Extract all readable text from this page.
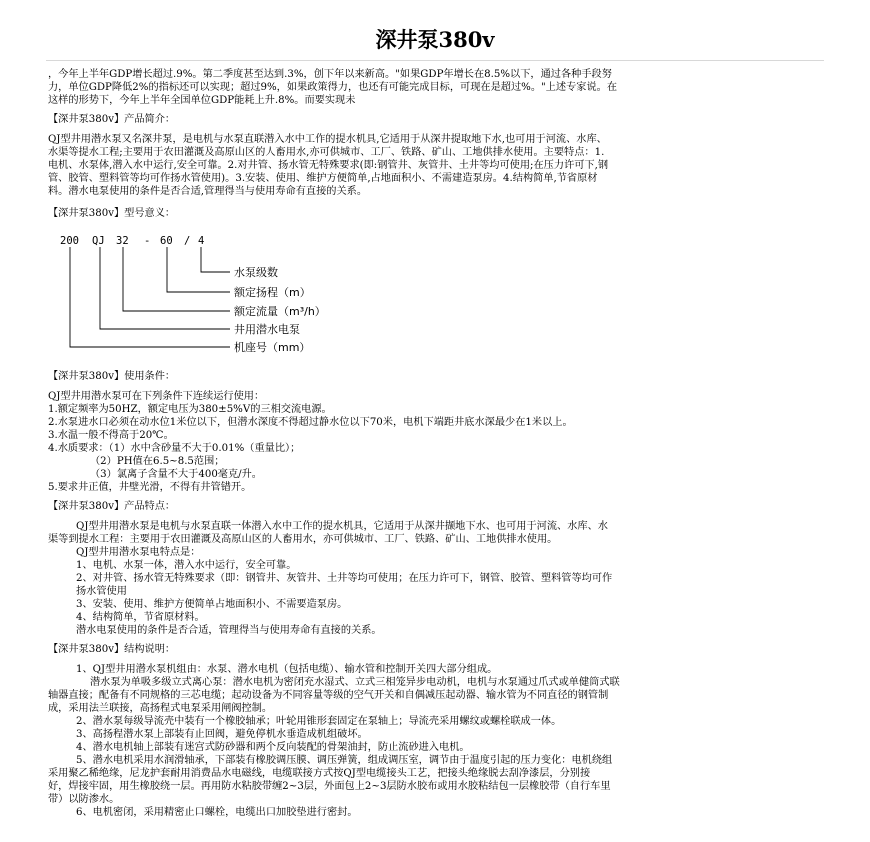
深井泵380v
，今年上半年GDP增长超过.9%。第二季度甚至达到.3%，创下年以来新高。"如果GDP年增长在8.5%以下，通过各种手段努
力，单位GDP降低2%的指标还可以实现；超过9%，如果政策得力，也还有可能完成目标，可现在是超过%。"上述专家说。在
这样的形势下，今年上半年全国单位GDP能耗上升.8%。而要实现未
【深井泵380v】产品简介：
QJ型井用潜水泵又名深井泵，是电机与水泵直联潜入水中工作的提水机具,它适用于从深井提取地下水,也可用于河流、水库、
水渠等提水工程;主要用于农田灌溉及高原山区的人畜用水,亦可供城市、工厂、铁路、矿山、工地供排水使用。主要特点：1.
电机、水泵体,潜入水中运行,安全可靠。2.对井管、扬水管无特殊要求(即:钢管井、灰管井、土井等均可使用;在压力许可下,钢
管、胶管、塑料管等均可作扬水管使用)。3.安装、使用、维护方便简单,占地面积小、不需建造泵房。4.结构简单,节省原材
料。潜水电泵使用的条件是否合适,管理得当与使用寿命有直接的关系。
【深井泵380v】型号意义：
200 QJ 32 - 60 / 4
水泵级数
额定扬程（m）
额定流量（m³/h）
井用潜水电泵
机座号（mm）
【深井泵380v】使用条件：
QJ型井用潜水泵可在下列条件下连续运行使用：
1.额定频率为50HZ，额定电压为380±5%V的三相交流电源。
2.水泵进水口必须在动水位1米位以下，但潜水深度不得超过静水位以下70米，电机下端距井底水深最少在1米以上。
3.水温一般不得高于20℃。
4.水质要求：（1）水中含砂量不大于0.01%（重量比）；
（2）PH值在6.5~8.5范围；
（3）氯离子含量不大于400毫克/升。
5.要求井正值，井壁光滑，不得有井管错开。
【深井泵380v】产品特点：
QJ型井用潜水泵是电机与水泵直联一体潜入水中工作的提水机具，它适用于从深井撷地下水、也可用于河流、水库、水
渠等到提水工程：主要用于农田灌溉及高原山区的人畜用水，亦可供城市、工厂、铁路、矿山、工地供排水使用。
QJ型井用潜水泵电特点是：
1、电机、水泵一体，潜入水中运行，安全可靠。
2、对井管、扬水管无特殊要求（即：钢管井、灰管井、土井等均可使用；在压力许可下，钢管、胶管、塑料管等均可作
扬水管使用
3、安装、使用、维护方便简单占地面积小、不需要造泵房。
4、结构简单，节省原材料。
潜水电泵使用的条件是否合适，管理得当与使用寿命有直接的关系。
【深井泵380v】结构说明：
1、QJ型井用潜水泵机组由：水泵、潜水电机（包括电缆）、输水管和控制开关四大部分组成。
潜水泵为单吸多级立式离心泵：潜水电机为密闭充水湿式、立式三相笼异步电动机，电机与水泵通过爪式或单健筒式联
轴器直接；配备有不同规格的三芯电缆；起动设备为不同容量等级的空气开关和自偶减压起动器、输水管为不同直径的钢管制
成，采用法兰联接，高扬程式电泵采用闸阀控制。
2、潜水泵每级导流壳中装有一个橡胶轴承；叶轮用锥形套固定在泵轴上；导流壳采用螺纹或螺栓联成一体。
3、高扬程潜水泵上部装有止回阀，避免停机水垂造成机组破坏。
4、潜水电机轴上部装有迷宫式防砂器和两个反向装配的骨架油封，防止流砂进入电机。
5、潜水电机采用水润滑轴承，下部装有橡胶调压膜、调压弹簧，组成调压室，调节由于温度引起的压力变化：电机绕组
采用聚乙稀绝缘，尼龙护套耐用消费品水电磁线，电缆联接方式按QJ型电缆接头工艺，把接头绝缘脱去刮净漆层，分别接
好，焊接牢固，用生橡胶绕一层。再用防水粘胶带缠2~3层，外面包上2~3层防水胶布或用水胶粘结包一层橡胶带（自行车里
带）以防渗水。
6、电机密闭，采用精密止口螺栓，电缆出口加胶垫进行密封。
